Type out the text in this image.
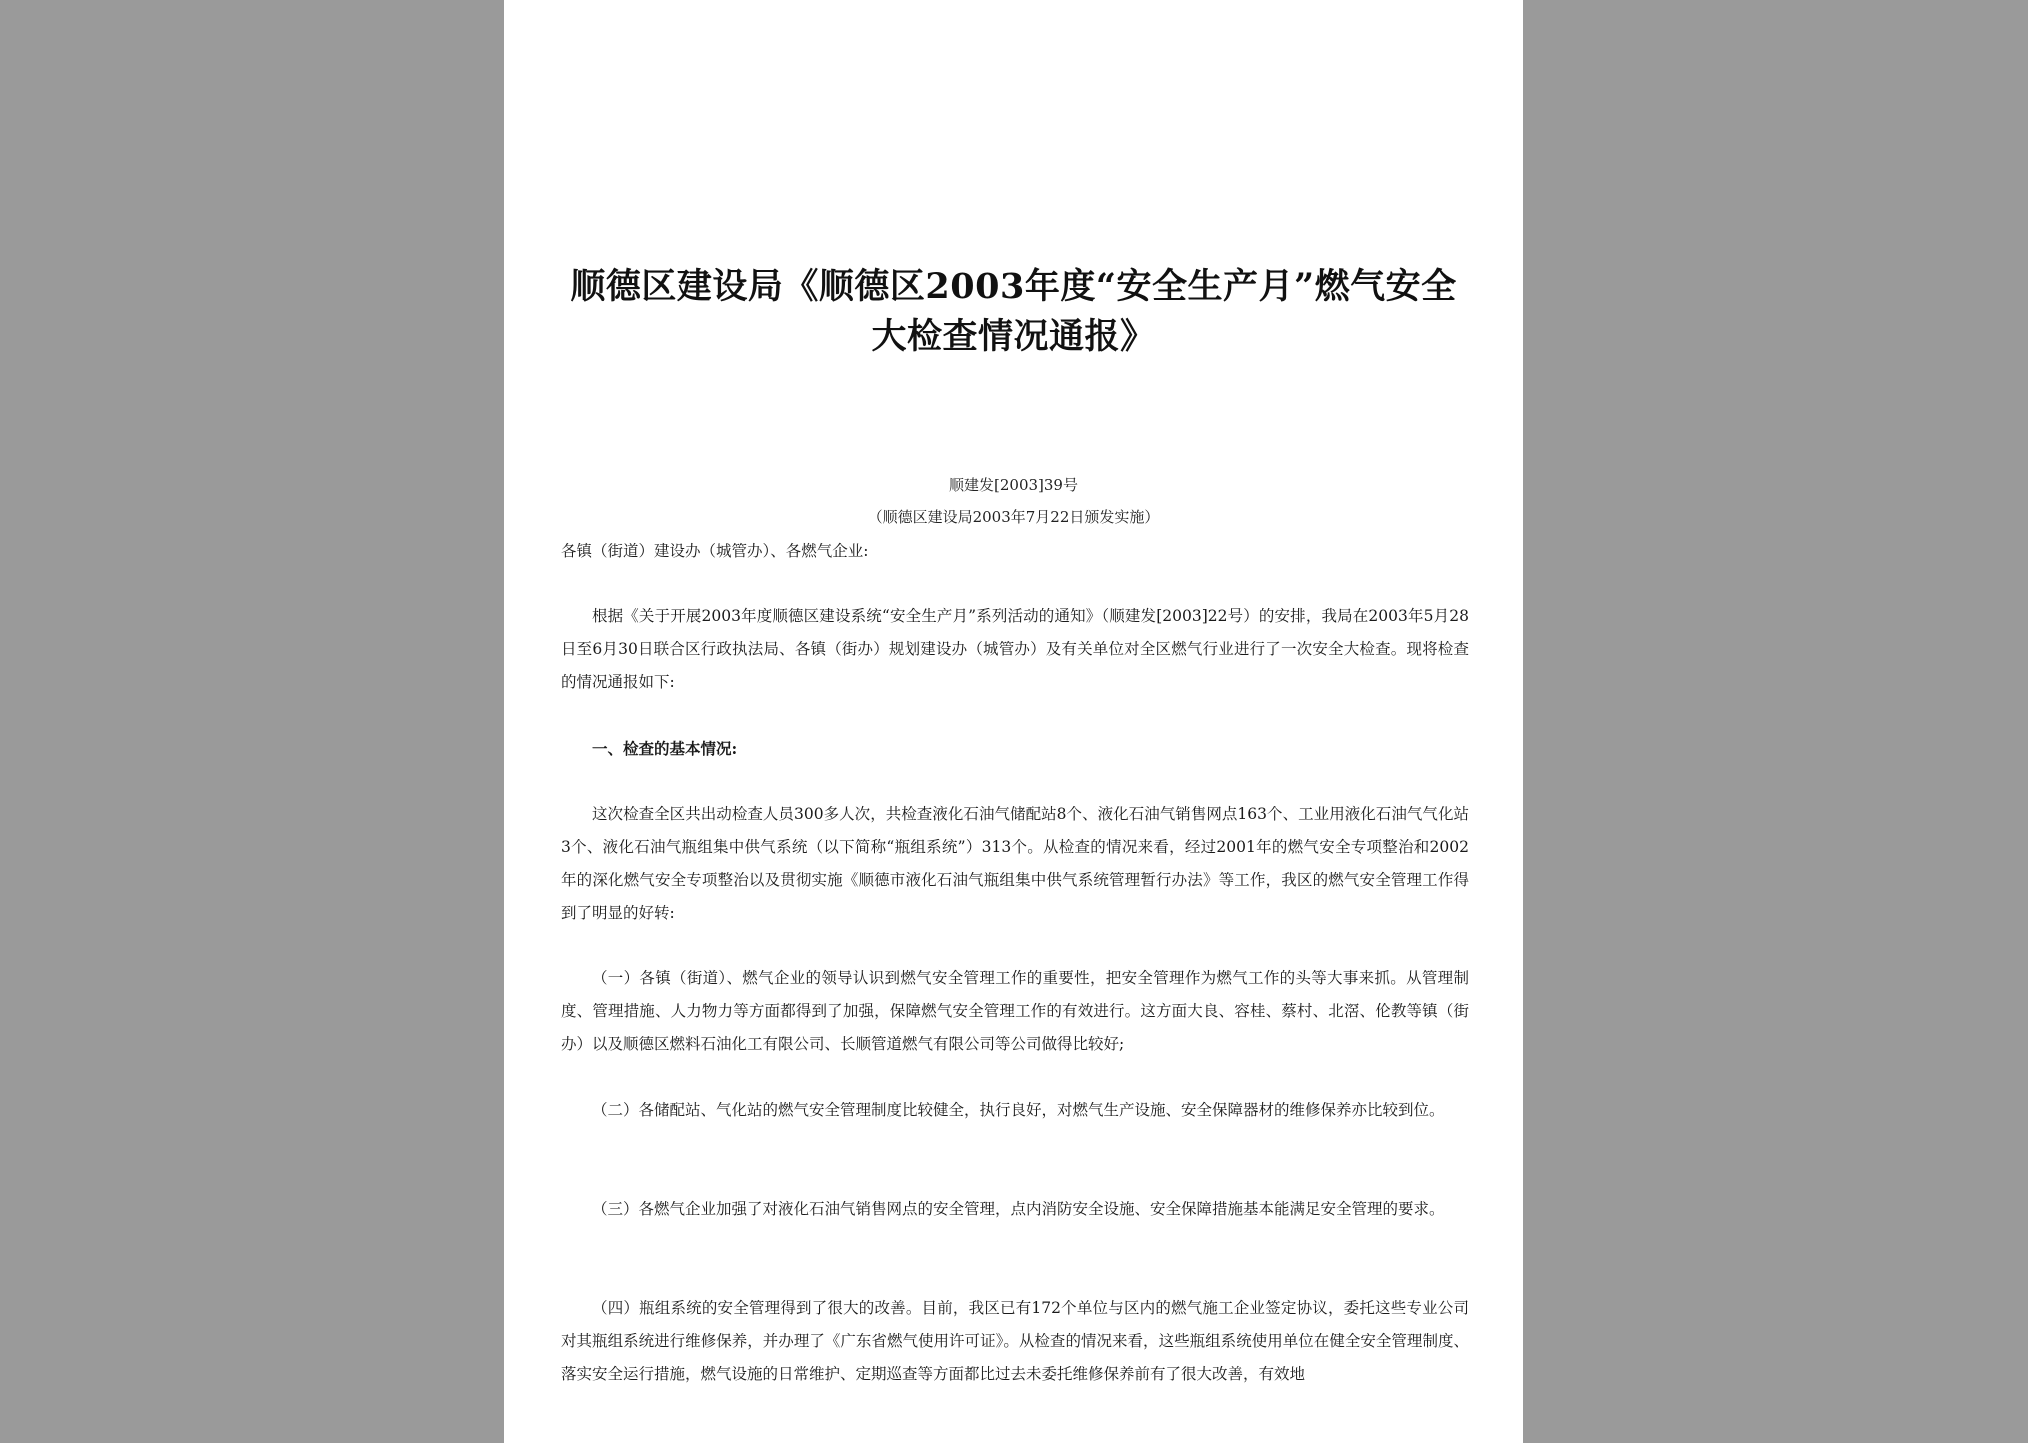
顺德区建设局《顺德区2003年度“安全生产月”燃气安全
大检查情况通报》
顺建发[2003]39号
（顺德区建设局2003年7月22日颁发实施）
各镇（街道）建设办（城管办）、各燃气企业:
根据《关于开展2003年度顺德区建设系统“安全生产月”系列活动的通知》（顺建发[2003]22号）的安排，我局在2003年5月28日至6月30日联合区行政执法局、各镇（街办）规划建设办（城管办）及有关单位对全区燃气行业进行了一次安全大检查。现将检查的情况通报如下:
一、检查的基本情况:
这次检查全区共出动检查人员300多人次，共检查液化石油气储配站8个、液化石油气销售网点163个、工业用液化石油气气化站3个、液化石油气瓶组集中供气系统（以下简称“瓶组系统”）313个。从检查的情况来看，经过2001年的燃气安全专项整治和2002年的深化燃气安全专项整治以及贯彻实施《顺德市液化石油气瓶组集中供气系统管理暂行办法》等工作，我区的燃气安全管理工作得到了明显的好转:
（一）各镇（街道）、燃气企业的领导认识到燃气安全管理工作的重要性，把安全管理作为燃气工作的头等大事来抓。从管理制度、管理措施、人力物力等方面都得到了加强，保障燃气安全管理工作的有效进行。这方面大良、容桂、蔡村、北滘、伦教等镇（街办）以及顺德区燃料石油化工有限公司、长顺管道燃气有限公司等公司做得比较好;
（二）各储配站、气化站的燃气安全管理制度比较健全，执行良好，对燃气生产设施、安全保障器材的维修保养亦比较到位。
（三）各燃气企业加强了对液化石油气销售网点的安全管理，点内消防安全设施、安全保障措施基本能满足安全管理的要求。
（四）瓶组系统的安全管理得到了很大的改善。目前，我区已有172个单位与区内的燃气施工企业签定协议，委托这些专业公司对其瓶组系统进行维修保养，并办理了《广东省燃气使用许可证》。从检查的情况来看，这些瓶组系统使用单位在健全安全管理制度、落实安全运行措施，燃气设施的日常维护、定期巡查等方面都比过去未委托维修保养前有了很大改善，有效地
